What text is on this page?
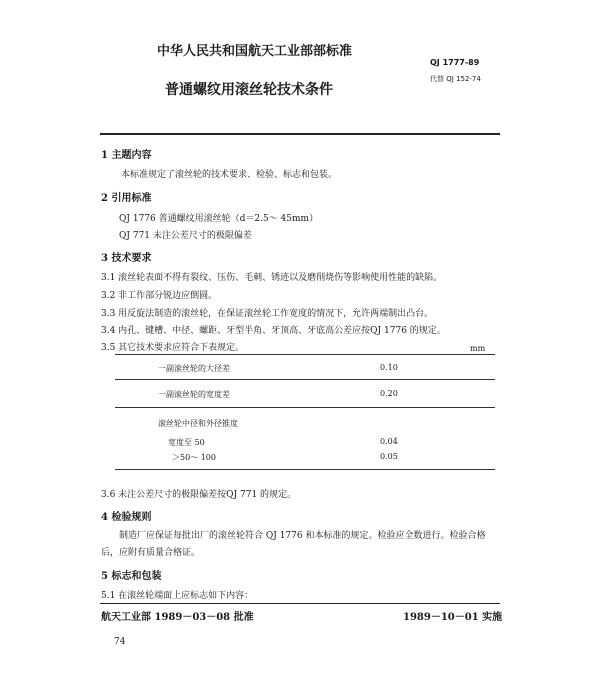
中华人民共和国航天工业部部标准
QJ 1777-89
代替 QJ 152-74
普通螺纹用滚丝轮技术条件
1 主题内容
本标准规定了滚丝轮的技术要求、检验、标志和包装。
2 引用标准
QJ 1776 普通螺纹用滚丝轮（d＝2.5～ 45mm）
QJ 771 未注公差尺寸的极限偏差
3 技术要求
3.1 滚丝轮表面不得有裂纹、压伤、毛刺、锈迹以及磨削烧伤等影响使用性能的缺陷。
3.2 非工作部分锐边应倒圆。
3.3 用反旋法制造的滚丝轮，在保证滚丝轮工作宽度的情况下，允许两端制出凸台。
3.4 内孔、键槽、中径、螺距、牙型半角、牙顶高、牙底高公差应按QJ 1776 的规定。
3.5 其它技术要求应符合下表规定。	mm
一副滚丝轮的大径差	0.10
一副滚丝轮的宽度差	0.20
滚丝轮中径和外径锥度
宽度至 50	0.04
＞50～ 100	0.05
3.6 未注公差尺寸的极限偏差按QJ 771 的规定。
4 检验规则
制造厂应保证每批出厂的滚丝轮符合 QJ 1776 和本标准的规定。检验应全数进行。检验合格
后，应附有质量合格证。
5 标志和包装
5.1 在滚丝轮端面上应标志如下内容：
航天工业部 1989－03－08 批准	1989－10－01 实施
74
